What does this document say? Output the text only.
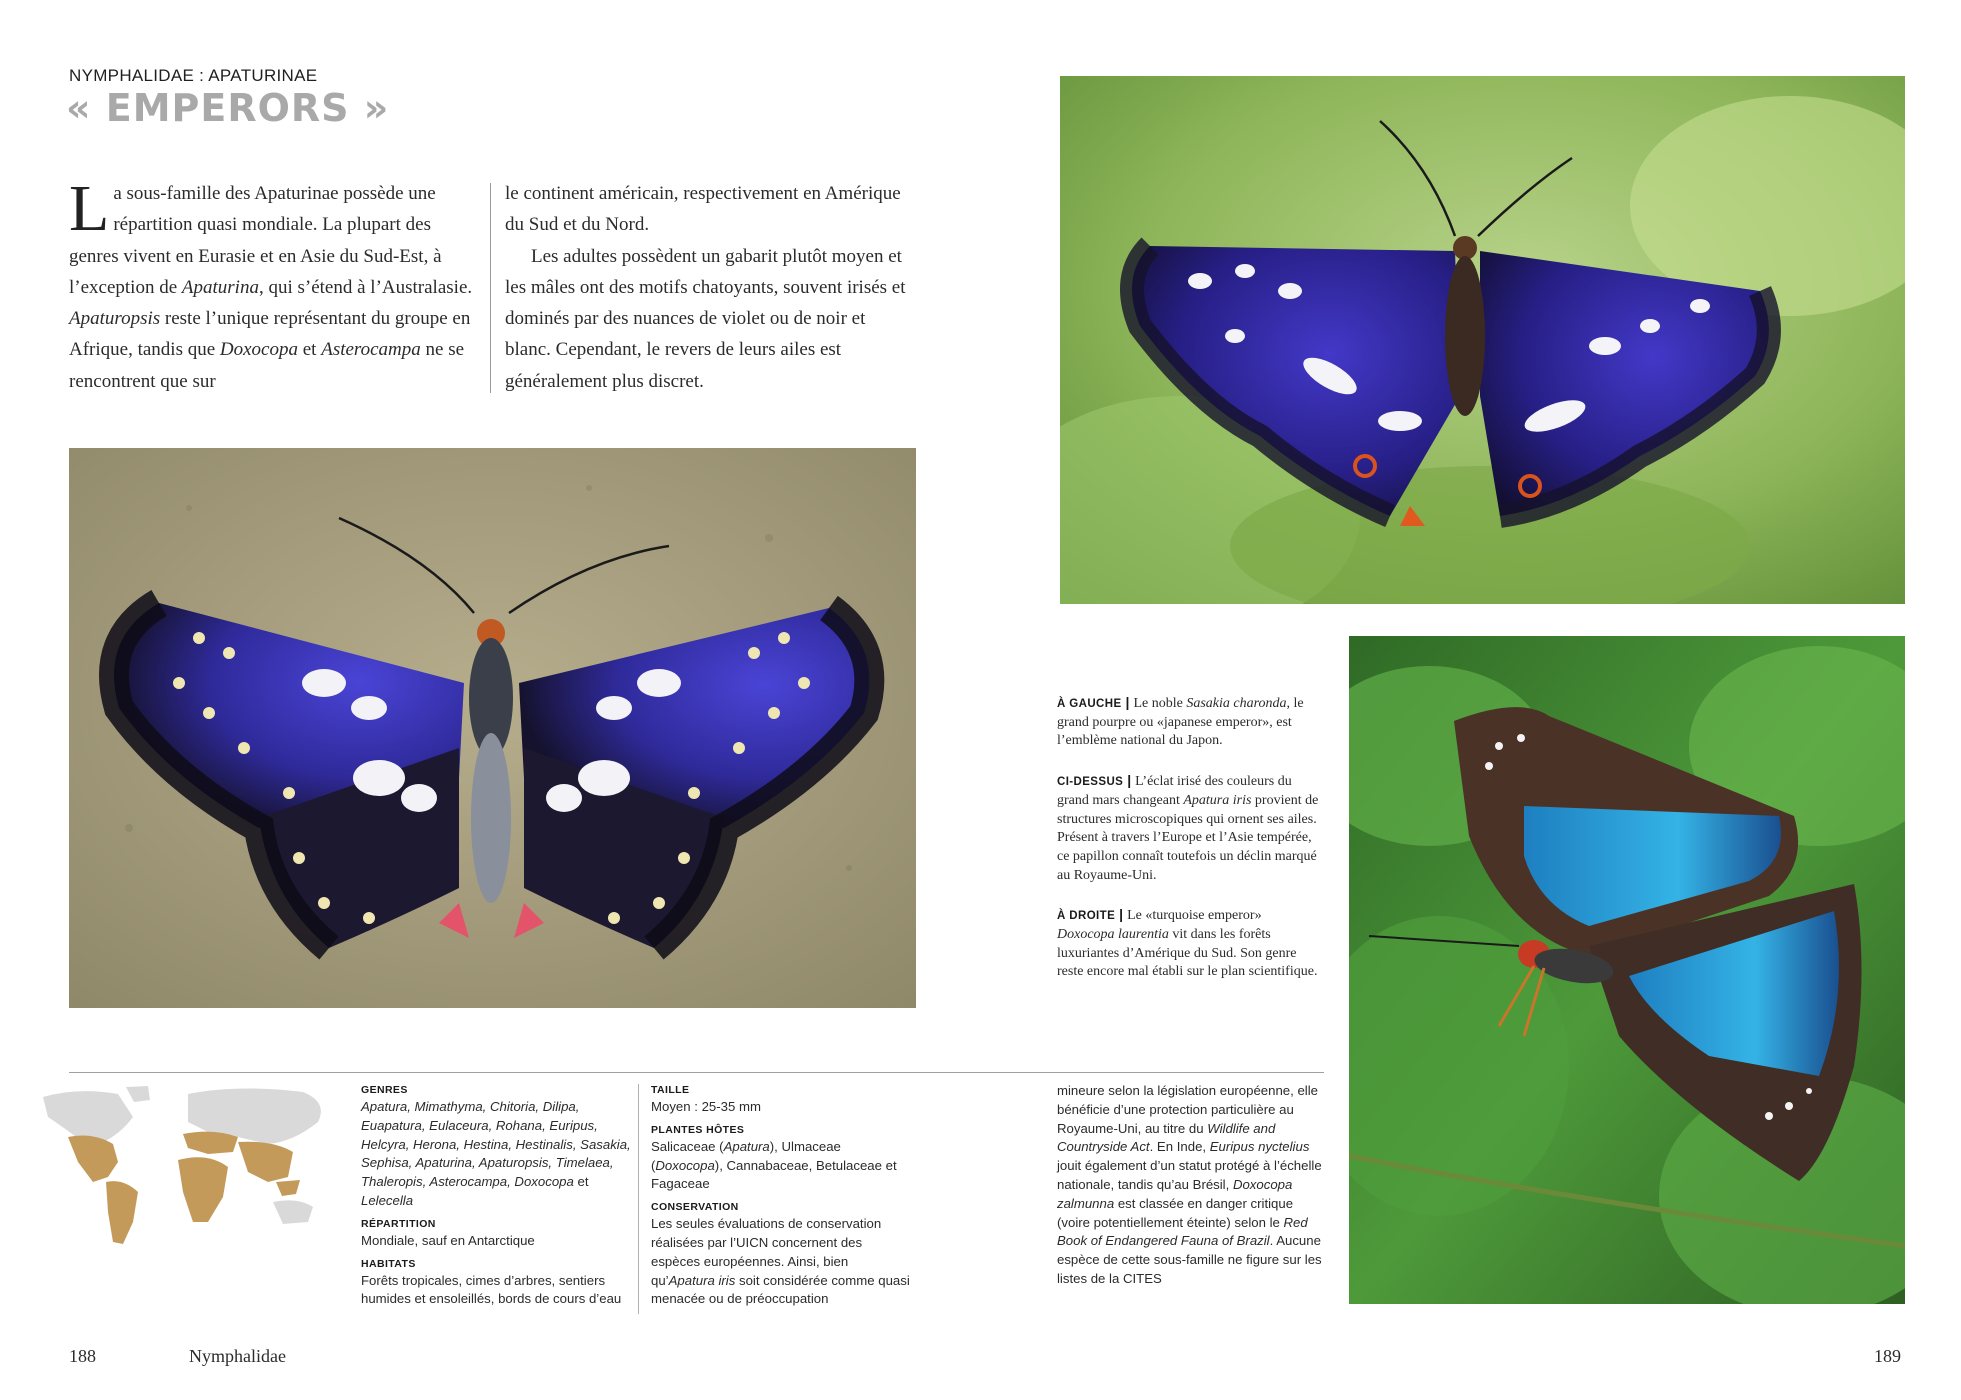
NYMPHALIDAE : APATURINAE
« EMPERORS »
L a sous-famille des Apaturinae possède une répartition quasi mondiale. La plupart des genres vivent en Eurasie et en Asie du Sud-Est, à l’exception de Apaturina, qui s’étend à l’Australasie. Apaturopsis reste l’unique représentant du groupe en Afrique, tandis que Doxocopa et Asterocampa ne se rencontrent que sur
le continent américain, respectivement en Amérique du Sud et du Nord.
Les adultes possèdent un gabarit plutôt moyen et les mâles ont des motifs chatoyants, souvent irisés et dominés par des nuances de violet ou de noir et blanc. Cependant, le revers de leurs ailes est généralement plus discret.
À GAUCHE | Le noble Sasakia charonda, le grand pourpre ou «japanese emperor», est l’emblème national du Japon.
CI-DESSUS | L’éclat irisé des couleurs du grand mars changeant Apatura iris provient de structures microscopiques qui ornent ses ailes. Présent à travers l’Europe et l’Asie tempérée, ce papillon connaît toutefois un déclin marqué au Royaume-Uni.
À DROITE | Le «turquoise emperor» Doxocopa laurentia vit dans les forêts luxuriantes d’Amérique du Sud. Son genre reste encore mal établi sur le plan scientifique.
GENRES
Apatura, Mimathyma, Chitoria, Dilipa, Euapatura, Eulaceura, Rohana, Euripus, Helcyra, Herona, Hestina, Hestinalis, Sasakia, Sephisa, Apaturina, Apaturopsis, Timelaea, Thaleropis, Asterocampa, Doxocopa et Lelecella
RÉPARTITION
Mondiale, sauf en Antarctique
HABITATS
Forêts tropicales, cimes d’arbres, sentiers humides et ensoleillés, bords de cours d’eau
TAILLE
Moyen : 25-35 mm
PLANTES HÔTES
Salicaceae (Apatura), Ulmaceae (Doxocopa), Cannabaceae, Betulaceae et Fagaceae
CONSERVATION
Les seules évaluations de conservation réalisées par l’UICN concernent des espèces européennes. Ainsi, bien qu’Apatura iris soit considérée comme quasi menacée ou de préoccupation
mineure selon la législation européenne, elle bénéficie d’une protection particulière au Royaume-Uni, au titre du Wildlife and Countryside Act. En Inde, Euripus nyctelius jouit également d’un statut protégé à l’échelle nationale, tandis qu’au Brésil, Doxocopa zalmunna est classée en danger critique (voire potentiellement éteinte) selon le Red Book of Endangered Fauna of Brazil. Aucune espèce de cette sous-famille ne figure sur les listes de la CITES
188	Nymphalidae	189
